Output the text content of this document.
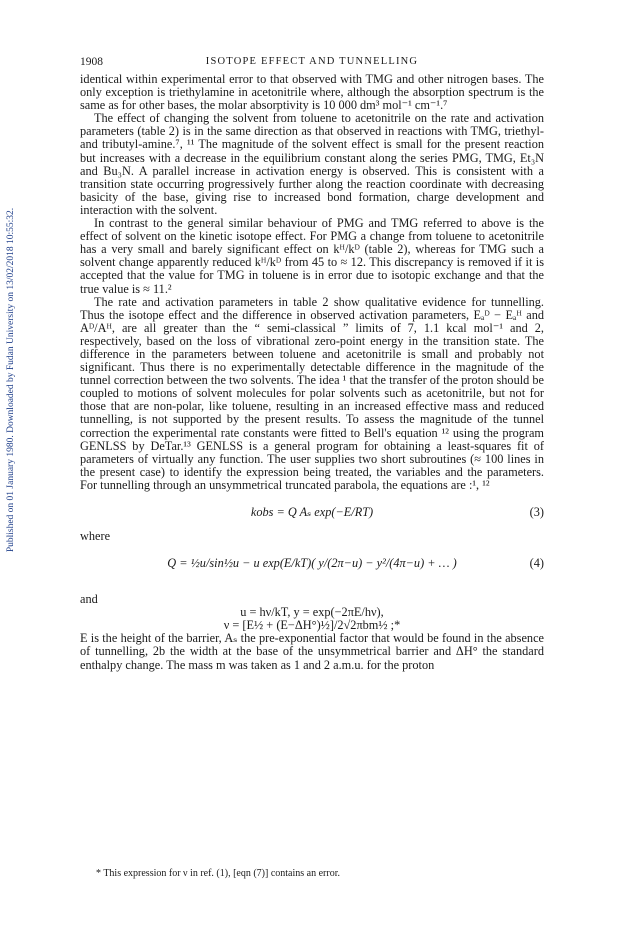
Published on 01 January 1980. Downloaded by Fudan University on 13/02/2018 10:55:32.
1908	ISOTOPE EFFECT AND TUNNELLING

identical within experimental error to that observed with TMG and other nitrogen bases. The only exception is triethylamine in acetonitrile where, although the absorption spectrum is the same as for other bases, the molar absorptivity is 10 000 dm³ mol⁻¹ cm⁻¹.⁷

The effect of changing the solvent from toluene to acetonitrile on the rate and activation parameters (table 2) is in the same direction as that observed in reactions with TMG, triethyl- and tributyl-amine.⁷, ¹¹ The magnitude of the solvent effect is small for the present reaction but increases with a decrease in the equilibrium constant along the series PMG, TMG, Et₃N and Bu₃N. A parallel increase in activation energy is observed. This is consistent with a transition state occurring progressively further along the reaction coordinate with decreasing basicity of the base, giving rise to increased bond formation, charge development and interaction with the solvent.

In contrast to the general similar behaviour of PMG and TMG referred to above is the effect of solvent on the kinetic isotope effect. For PMG a change from toluene to acetonitrile has a very small and barely significant effect on kᴴ/kᴰ (table 2), whereas for TMG such a solvent change apparently reduced kᴴ/kᴰ from 45 to ≈ 12. This discrepancy is removed if it is accepted that the value for TMG in toluene is in error due to isotopic exchange and that the true value is ≈ 11.²

The rate and activation parameters in table 2 show qualitative evidence for tunnelling. Thus the isotope effect and the difference in observed activation parameters, Eₐᴰ − Eₐᴴ and Aᴰ/Aᴴ, are all greater than the “ semi-classical ” limits of 7, 1.1 kcal mol⁻¹ and 2, respectively, based on the loss of vibrational zero-point energy in the transition state. The difference in the parameters between toluene and acetonitrile is small and probably not significant. Thus there is no experimentally detectable difference in the magnitude of the tunnel correction between the two solvents. The idea ¹ that the transfer of the proton should be coupled to motions of solvent molecules for polar solvents such as acetonitrile, but not for those that are non-polar, like toluene, resulting in an increased effective mass and reduced tunnelling, is not supported by the present results. To assess the magnitude of the tunnel correction the experimental rate constants were fitted to Bell's equation ¹² using the program GENLSS by DeTar.¹³ GENLSS is a general program for obtaining a least-squares fit of parameters of virtually any function. The user supplies two short subroutines (≈ 100 lines in the present case) to identify the expression being treated, the variables and the parameters. For tunnelling through an unsymmetrical truncated parabola, the equations are :¹, ¹²

kobs = Q Aₛ exp(−E/RT)	(3)

where

Q = ½u/sin½u − u exp(E/kT)( y/(2π−u) − y²/(4π−u) + … )	(4)

and

u = hν/kT, y = exp(−2πE/hν),

ν = [E½ + (E−ΔH°)½]/2√2πbm½ ;*

E is the height of the barrier, Aₛ the pre-exponential factor that would be found in the absence of tunnelling, 2b the width at the base of the unsymmetrical barrier and ΔH° the standard enthalpy change. The mass m was taken as 1 and 2 a.m.u. for the proton

* This expression for ν in ref. (1), [eqn (7)] contains an error.
